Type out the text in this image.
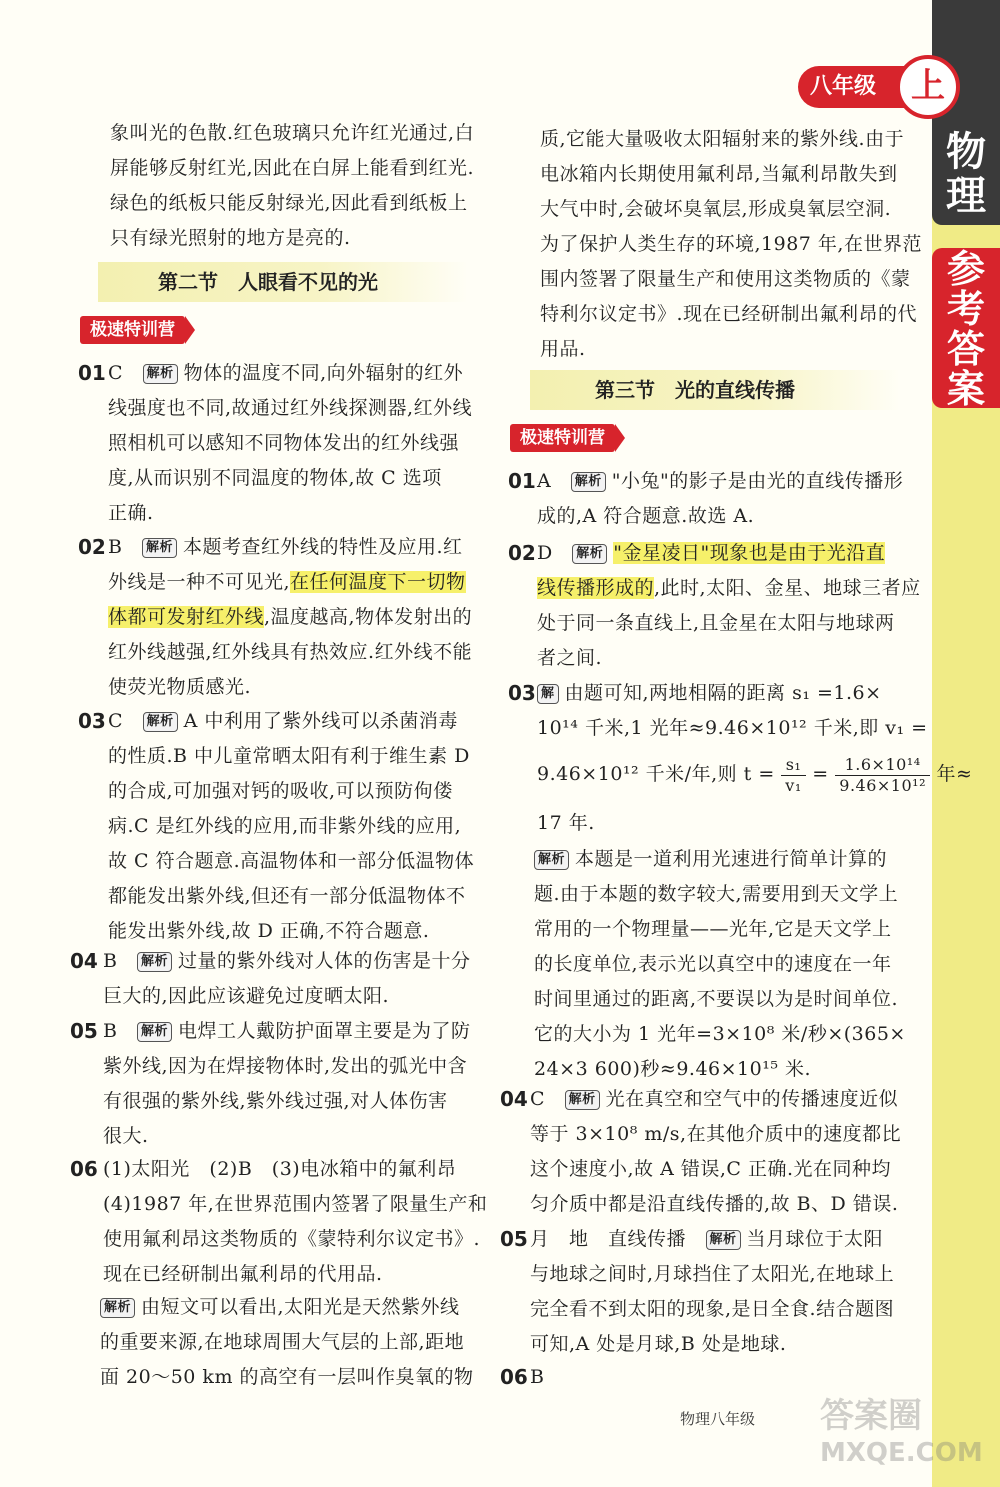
物
理
参
考
答
案
八年级	上
象叫光的色散.红色玻璃只允许红光通过,白
屏能够反射红光,因此在白屏上能看到红光.
绿色的纸板只能反射绿光,因此看到纸板上
只有绿光照射的地方是亮的.
第二节　人眼看不见的光
极速特训营
01 C　 解析 物体的温度不同,向外辐射的红外
线强度也不同,故通过红外线探测器,红外线
照相机可以感知不同物体发出的红外线强
度,从而识别不同温度的物体,故 C 选项
正确.
02 B　 解析 本题考查红外线的特性及应用.红
外线是一种不可见光,在任何温度下一切物
体都可发射红外线,温度越高,物体发射出的
红外线越强,红外线具有热效应.红外线不能
使荧光物质感光.
03 C　 解析 A 中利用了紫外线可以杀菌消毒
的性质.B 中儿童常晒太阳有利于维生素 D
的合成,可加强对钙的吸收,可以预防佝偻
病.C 是红外线的应用,而非紫外线的应用,
故 C 符合题意.高温物体和一部分低温物体
都能发出紫外线,但还有一部分低温物体不
能发出紫外线,故 D 正确,不符合题意.
04 B　 解析 过量的紫外线对人体的伤害是十分
巨大的,因此应该避免过度晒太阳.
05 B　 解析 电焊工人戴防护面罩主要是为了防
紫外线,因为在焊接物体时,发出的弧光中含
有很强的紫外线,紫外线过强,对人体伤害
很大.
06 (1)太阳光　(2)B　(3)电冰箱中的氟利昂
(4)1987 年,在世界范围内签署了限量生产和
使用氟利昂这类物质的《蒙特利尔议定书》.
现在已经研制出氟利昂的代用品.
解析 由短文可以看出,太阳光是天然紫外线
的重要来源,在地球周围大气层的上部,距地
面 20～50 km 的高空有一层叫作臭氧的物
质,它能大量吸收太阳辐射来的紫外线.由于
电冰箱内长期使用氟利昂,当氟利昂散失到
大气中时,会破坏臭氧层,形成臭氧层空洞.
为了保护人类生存的环境,1987 年,在世界范
围内签署了限量生产和使用这类物质的《蒙
特利尔议定书》.现在已经研制出氟利昂的代
用品.
第三节　光的直线传播
极速特训营
01 A　 解析 "小兔"的影子是由光的直线传播形
成的,A 符合题意.故选 A.
02 D　 解析 "金星凌日"现象也是由于光沿直
线传播形成的,此时,太阳、金星、地球三者应
处于同一条直线上,且金星在太阳与地球两
者之间.
03 解 由题可知,两地相隔的距离 s₁ =1.6×
10¹⁴ 千米,1 光年≈9.46×10¹² 千米,即 v₁ =
9.46×10¹² 千米/年,则 $t = \frac{\text{s₁}}{\text{v₁}} = \frac{\text{1.6×10¹⁴}}{\text{9.46×10¹²}}$ 年≈
17 年.
解析 本题是一道利用光速进行简单计算的
题.由于本题的数字较大,需要用到天文学上
常用的一个物理量——光年,它是天文学上
的长度单位,表示光以真空中的速度在一年
时间里通过的距离,不要误以为是时间单位.
它的大小为 1 光年=3×10⁸ 米/秒×(365×
24×3 600)秒≈9.46×10¹⁵ 米.
04 C　 解析 光在真空和空气中的传播速度近似
等于 3×10⁸ m/s,在其他介质中的速度都比
这个速度小,故 A 错误,C 正确.光在同种均
匀介质中都是沿直线传播的,故 B、D 错误.
05 月　地　直线传播　 解析 当月球位于太阳
与地球之间时,月球挡住了太阳光,在地球上
完全看不到太阳的现象,是日全食.结合题图
可知,A 处是月球,B 处是地球.
06 B
物理八年级 答案圈
MXQE.COM
